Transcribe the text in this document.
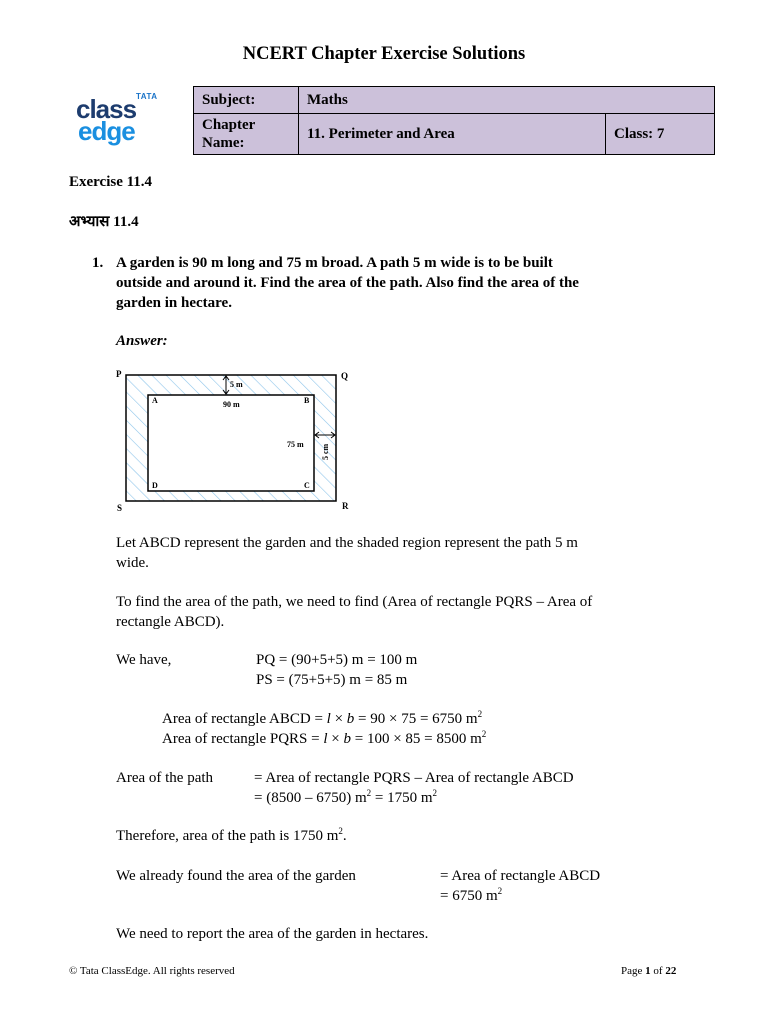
NCERT Chapter Exercise Solutions
TATA
class
edge
Subject:	Maths	
Chapter Name:	11. Perimeter and Area	Class: 7
Exercise 11.4
अभ्यास 11.4
1. A garden is 90 m long and 75 m broad. A path 5 m wide is to be built
outside and around it. Find the area of the path. Also find the area of the
garden in hectare.
Answer:
P	Q
R
S
A	B
C
D
5 m
90 m
75 m 5 cm
Let ABCD represent the garden and the shaded region represent the path 5 m
wide.
To find the area of the path, we need to find (Area of rectangle PQRS – Area of
rectangle ABCD).
We have,	PQ = (90+5+5) m = 100 m
PS = (75+5+5) m = 85 m
Area of rectangle ABCD = l × b = 90 × 75 = 6750 $m^2$
Area of rectangle PQRS = l × b = 100 × 85 = 8500 $m^2$
Area of the path	= Area of rectangle PQRS – Area of rectangle ABCD
= (8500 – 6750) $m^2 = 1750$ $m^2$
Therefore, area of the path is 1750 $m^2$.
We already found the area of the garden	= Area of rectangle ABCD
= 6750 $m^2$
We need to report the area of the garden in hectares.
© Tata ClassEdge. All rights reserved	Page 1 of 22
